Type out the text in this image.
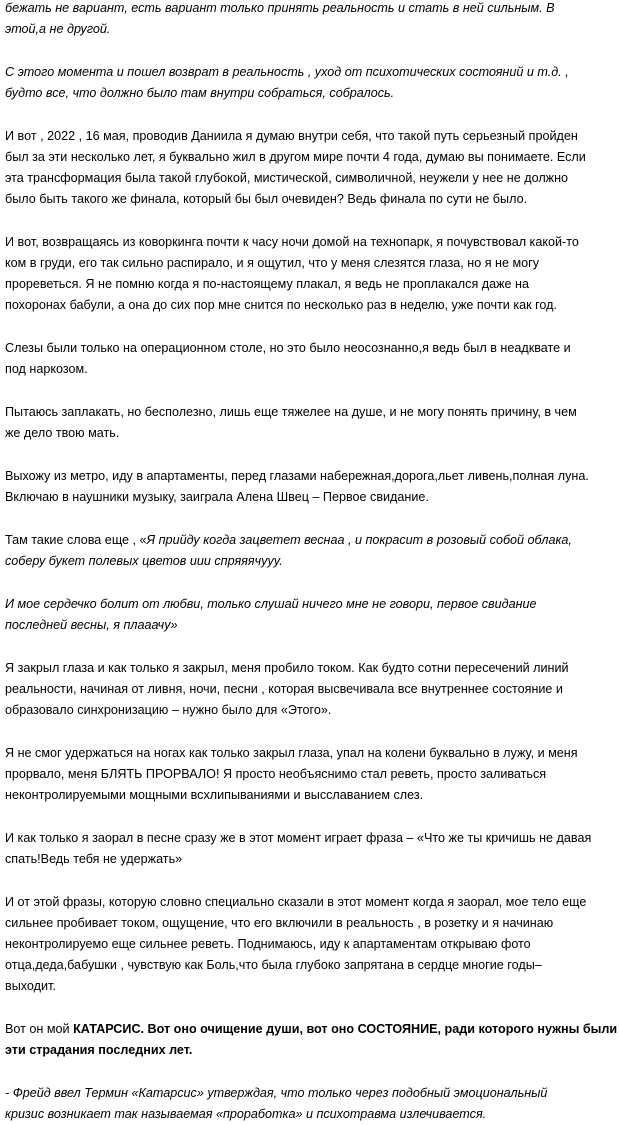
бежать не вариант, есть вариант только принять реальность и стать в ней сильным. В
этой,а не другой.
С этого момента и пошел возврат в реальность , уход от психотических состояний и т.д. ,
будто все, что должно было там внутри собраться, собралось.
И вот , 2022 , 16 мая, проводив Даниила я думаю внутри себя, что такой путь серьезный пройден
был за эти несколько лет, я буквально жил в другом мире почти 4 года, думаю вы понимаете. Если
эта трансформация была такой глубокой, мистической, символичной, неужели у нее не должно
было быть такого же финала, который бы был очевиден? Ведь финала по сути не было.
И вот, возвращаясь из коворкинга почти к часу ночи домой на технопарк, я почувствовал какой-то
ком в груди, его так сильно распирало, и я ощутил, что у меня слезятся глаза, но я не могу
прореветься. Я не помню когда я по-настоящему плакал, я ведь не проплакался даже на
похоронах бабули, а она до сих пор мне снится по несколько раз в неделю, уже почти как год.
Слезы были только на операционном столе, но это было неосознанно,я ведь был в неадквате и
под наркозом.
Пытаюсь заплакать, но бесполезно, лишь еще тяжелее на душе, и не могу понять причину, в чем
же дело твою мать.
Выхожу из метро, иду в апартаменты, перед глазами набережная,дорога,льет ливень,полная луна.
Включаю в наушники музыку, заиграла Алена Швец – Первое свидание.
Там такие слова еще , «Я прийду когда зацветет веснаа , и покрасит в розовый собой облака,
соберу букет полевых цветов иии спряяячууу.
И мое сердечко болит от любви, только слушай ничего мне не говори, первое свидание
последней весны, я плааачу»
Я закрыл глаза и как только я закрыл, меня пробило током. Как будто сотни пересечений линий
реальности, начиная от ливня, ночи, песни , которая высвечивала все внутреннее состояние и
образовало синхронизацию – нужно было для «Этого».
Я не смог удержаться на ногах как только закрыл глаза, упал на колени буквально в лужу, и меня
прорвало, меня БЛЯТЬ ПРОРВАЛО! Я просто необъяснимо стал реветь, просто заливаться
неконтролируемыми мощными всхлипываниями и высславанием слез.
И как только я заорал в песне сразу же в этот момент играет фраза – «Что же ты кричишь не давая
спать!Ведь тебя не удержать»
И от этой фразы, которую словно специально сказали в этот момент когда я заорал, мое тело еще
сильнее пробивает током, ощущение, что его включили в реальность , в розетку и я начинаю
неконтролируемо еще сильнее реветь. Поднимаюсь, иду к апартаментам открываю фото
отца,деда,бабушки , чувствую как Боль,что была глубоко запрятана в сердце многие годы–
выходит.
Вот он мой КАТАРСИС. Вот оно очищение души, вот оно СОСТОЯНИЕ, ради которого нужны были
эти страдания последних лет.
- Фрейд ввел Термин «Катарсис» утверждая, что только через подобный эмоциональный
кризис возникает так называемая «проработка» и психотравма излечивается.
